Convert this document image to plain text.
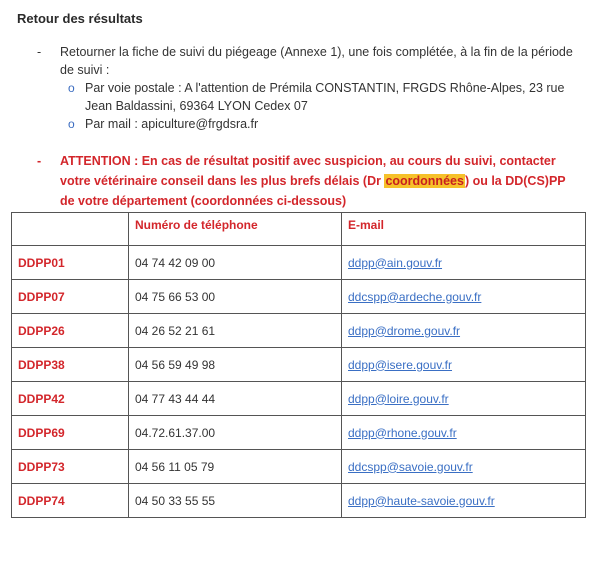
Retour des résultats
- Retourner la fiche de suivi du piégeage (Annexe 1), une fois complétée, à la fin de la période de suivi :
o Par voie postale : A l'attention de Prémila CONSTANTIN, FRGDS Rhône-Alpes, 23 rue Jean Baldassini, 69364 LYON Cedex 07
o Par mail : apiculture@frgdsra.fr
- ATTENTION : En cas de résultat positif avec suspicion, au cours du suivi, contacter votre vétérinaire conseil dans les plus brefs délais (Dr coordonnées) ou la DD(CS)PP de votre département (coordonnées ci-dessous)
	Numéro de téléphone	E-mail
DDPP01	04 74 42 09 00	ddpp@ain.gouv.fr
DDPP07	04 75 66 53 00	ddcspp@ardeche.gouv.fr
DDPP26	04 26 52 21 61	ddpp@drome.gouv.fr
DDPP38	04 56 59 49 98	ddpp@isere.gouv.fr
DDPP42	04 77 43 44 44	ddpp@loire.gouv.fr
DDPP69	04.72.61.37.00	ddpp@rhone.gouv.fr
DDPP73	04 56 11 05 79	ddcspp@savoie.gouv.fr
DDPP74	04 50 33 55 55	ddpp@haute-savoie.gouv.fr
